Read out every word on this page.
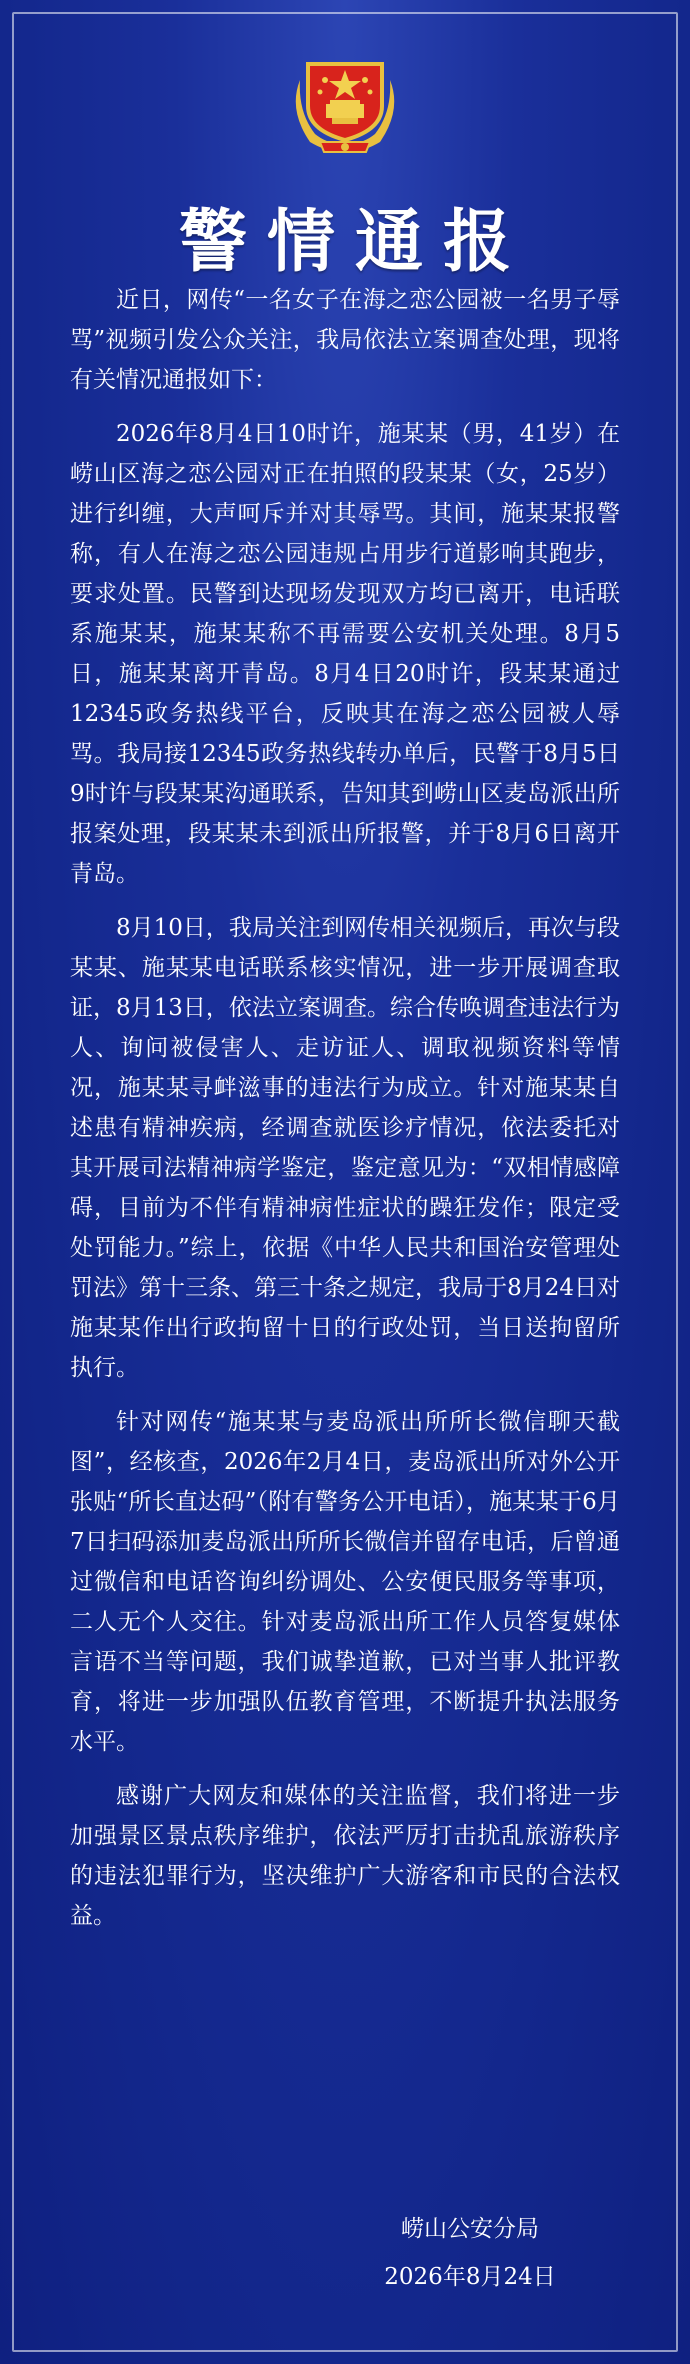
警情通报

近日，网传“一名女子在海之恋公园被一名男子辱骂”视频引发公众关注，我局依法立案调查处理，现将有关情况通报如下：

2026年8月4日10时许，施某某（男，41岁）在崂山区海之恋公园对正在拍照的段某某（女，25岁）进行纠缠，大声呵斥并对其辱骂。其间，施某某报警称，有人在海之恋公园违规占用步行道影响其跑步，要求处置。民警到达现场发现双方均已离开，电话联系施某某，施某某称不再需要公安机关处理。8月5日，施某某离开青岛。8月4日20时许，段某某通过12345政务热线平台，反映其在海之恋公园被人辱骂。我局接12345政务热线转办单后，民警于8月5日9时许与段某某沟通联系，告知其到崂山区麦岛派出所报案处理，段某某未到派出所报警，并于8月6日离开青岛。

8月10日，我局关注到网传相关视频后，再次与段某某、施某某电话联系核实情况，进一步开展调查取证，8月13日，依法立案调查。综合传唤调查违法行为人、询问被侵害人、走访证人、调取视频资料等情况，施某某寻衅滋事的违法行为成立。针对施某某自述患有精神疾病，经调查就医诊疗情况，依法委托对其开展司法精神病学鉴定，鉴定意见为：“双相情感障碍，目前为不伴有精神病性症状的躁狂发作；限定受处罚能力。”综上，依据《中华人民共和国治安管理处罚法》第十三条、第三十条之规定，我局于8月24日对施某某作出行政拘留十日的行政处罚，当日送拘留所执行。

针对网传“施某某与麦岛派出所所长微信聊天截图”，经核查，2026年2月4日，麦岛派出所对外公开张贴“所长直达码”（附有警务公开电话），施某某于6月7日扫码添加麦岛派出所所长微信并留存电话，后曾通过微信和电话咨询纠纷调处、公安便民服务等事项，二人无个人交往。针对麦岛派出所工作人员答复媒体言语不当等问题，我们诚挚道歉，已对当事人批评教育，将进一步加强队伍教育管理，不断提升执法服务水平。

感谢广大网友和媒体的关注监督，我们将进一步加强景区景点秩序维护，依法严厉打击扰乱旅游秩序的违法犯罪行为，坚决维护广大游客和市民的合法权益。

崂山公安分局
2026年8月24日
